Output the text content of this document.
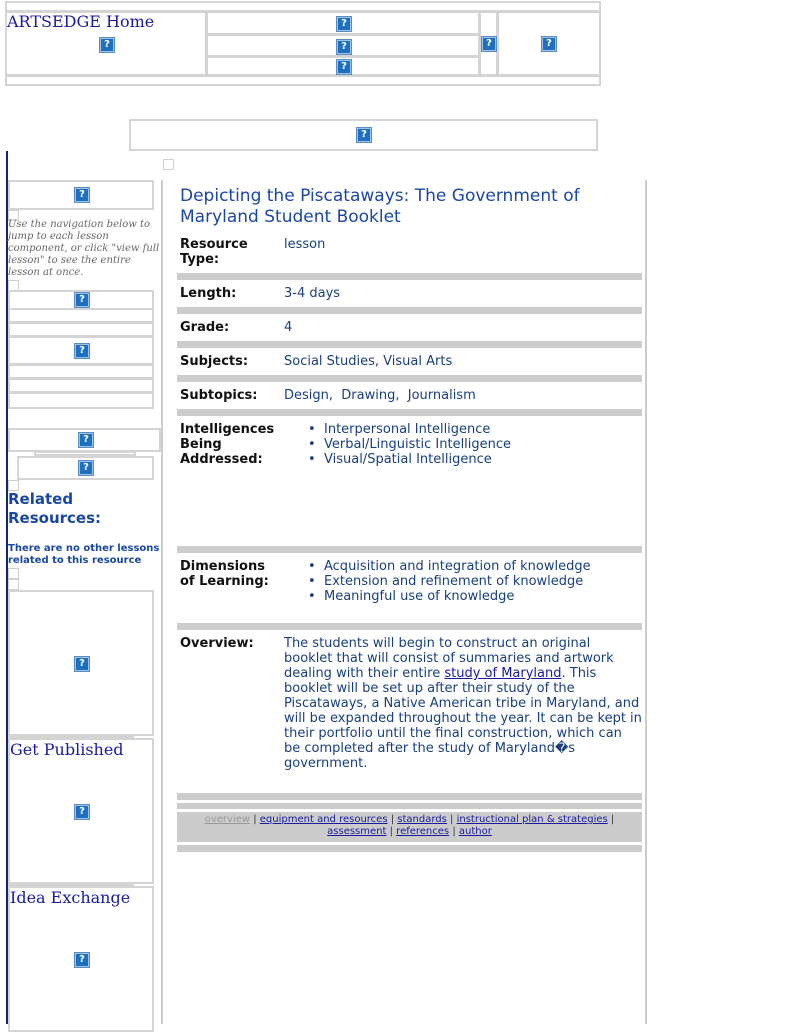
ARTSEDGE Home
?
?
?
?
?	?
?
?
Use the navigation below to jump to each lesson component, or click "view full lesson" to see the entire lesson at once.
?
?
?
?
Related Resources:
There are no other lessons related to this resource
?
Get Published
?
Idea Exchange
?
Depicting the Piscataways: The Government of Maryland Student Booklet
Resource Type:
lesson
Length:	3-4 days
Grade:	4
Subjects:	Social Studies, Visual Arts
Subtopics: Design,  Drawing,  Journalism
Intelligences Being Addressed:
• Interpersonal Intelligence
• Verbal/Linguistic Intelligence
• Visual/Spatial Intelligence
Dimensions of Learning:
• Acquisition and integration of knowledge
• Extension and refinement of knowledge
• Meaningful use of knowledge
Overview: The students will begin to construct an original booklet that will consist of summaries and artwork dealing with their entire study of Maryland. This booklet will be set up after their study of the Piscataways, a Native American tribe in Maryland, and will be expanded throughout the year. It can be kept in their portfolio until the final construction, which can be completed after the study of Maryland�s government.
overview | equipment and resources | standards | instructional plan & strategies |
assessment | references | author
